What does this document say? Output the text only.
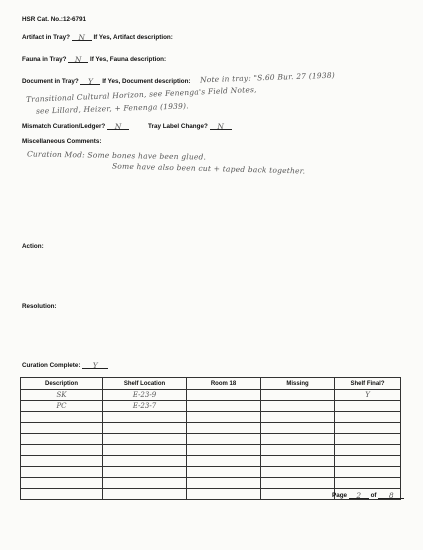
HSR Cat. No.:12-6791
Artifact in Tray? N If Yes, Artifact description:
Fauna in Tray? N If Yes, Fauna description:
Document in Tray? Y If Yes, Document description: Note in tray: "S.60 Bur. 27 (1938)
Transitional Cultural Horizon, see Fenenga's Field Notes,
see Lillard, Heizer, + Fenenga (1939).
Mismatch Curation/Ledger? N	Tray Label Change? N
Miscellaneous Comments:
Curation Mod: Some bones have been glued.
Some have also been cut + taped back together.
Action:
Resolution:
Curation Complete: Y
Description	Shelf Location	Room 18	Missing	Shelf Final?
SK	E-23-9			Y
PC	E-23-7			

Page 2 of 8
